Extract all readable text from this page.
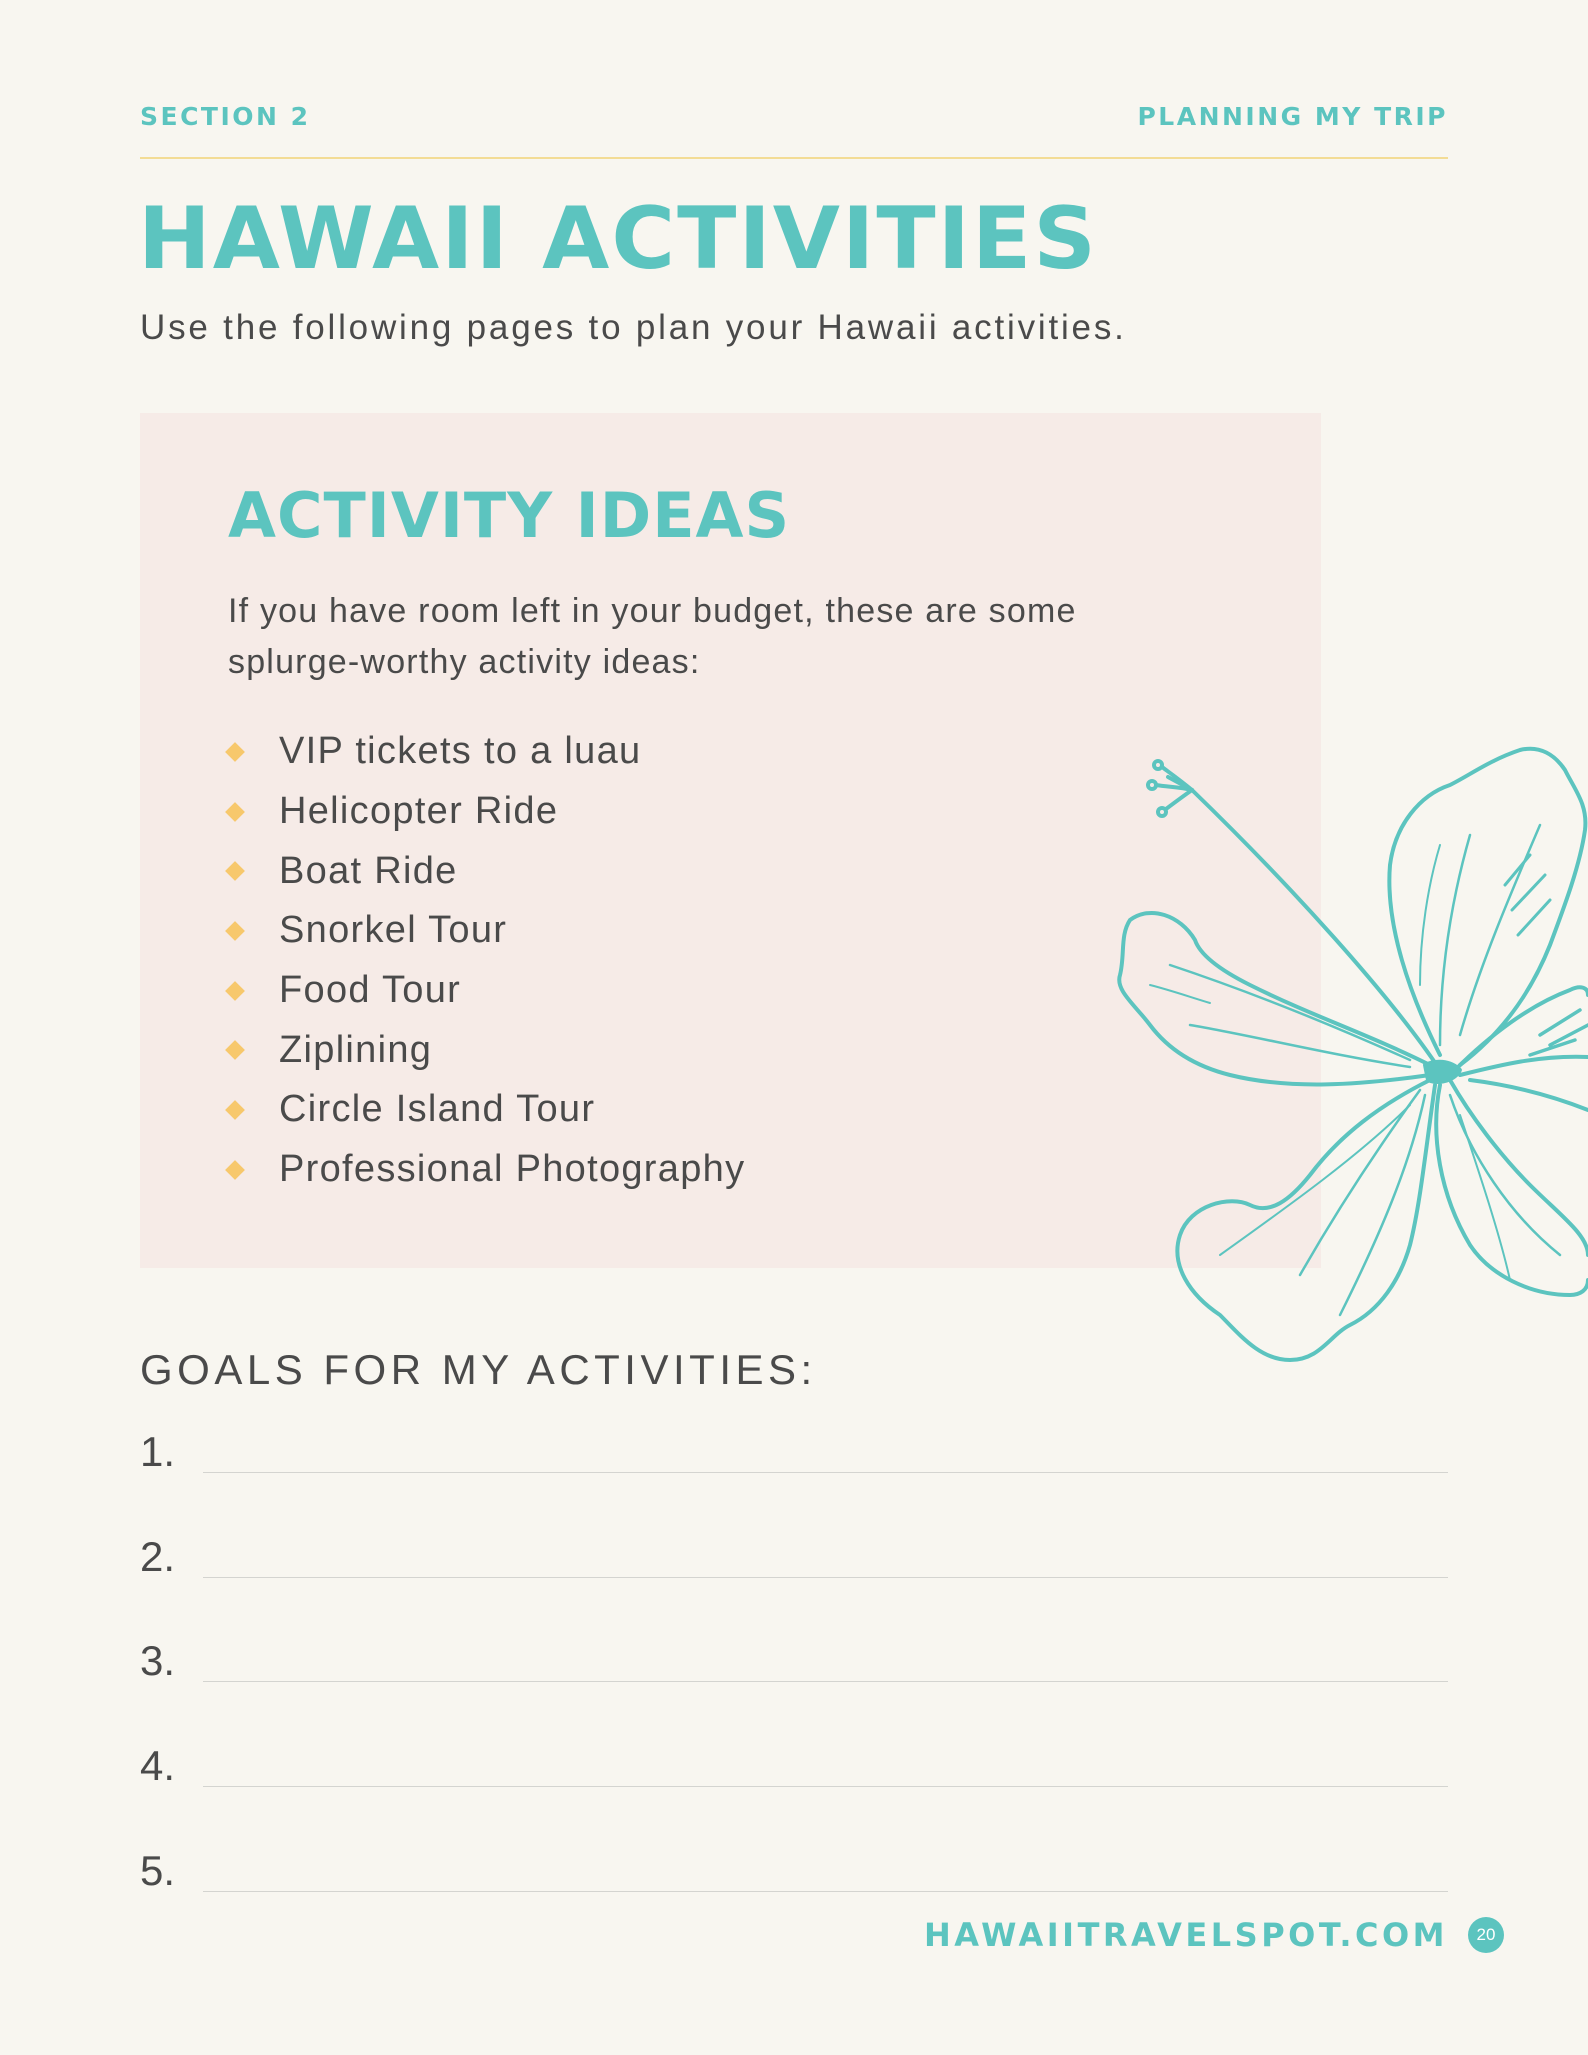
SECTION 2	PLANNING MY TRIP
HAWAII ACTIVITIES
Use the following pages to plan your Hawaii activities.
ACTIVITY IDEAS
If you have room left in your budget, these are some splurge-worthy activity ideas:
VIP tickets to a luau
Helicopter Ride
Boat Ride
Snorkel Tour
Food Tour
Ziplining
Circle Island Tour
Professional Photography
GOALS FOR MY ACTIVITIES:
1.
2.
3.
4.
5.
HAWAIITRAVELSPOT.COM	20
